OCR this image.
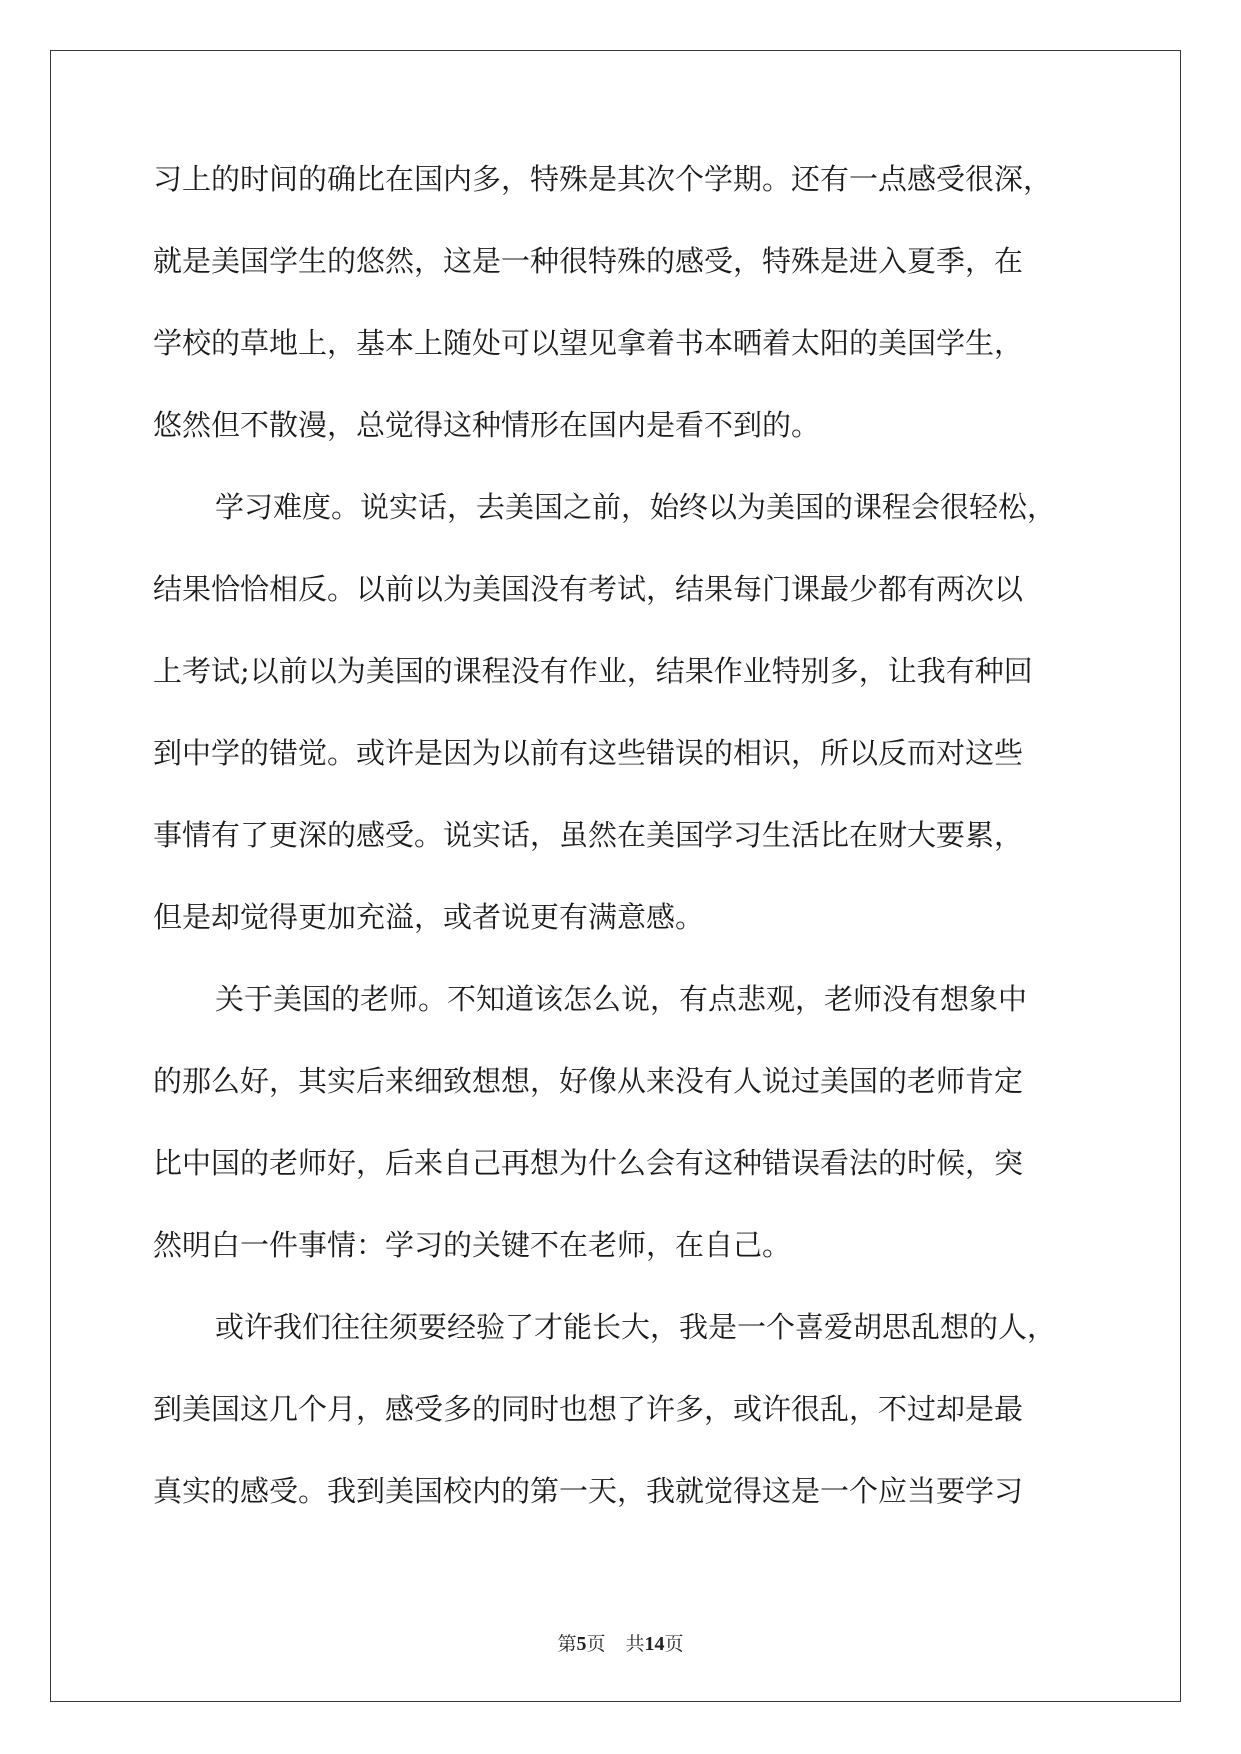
习上的时间的确比在国内多，特殊是其次个学期。还有一点感受很深，
就是美国学生的悠然，这是一种很特殊的感受，特殊是进入夏季，在
学校的草地上，基本上随处可以望见拿着书本晒着太阳的美国学生，
悠然但不散漫，总觉得这种情形在国内是看不到的。
学习难度。说实话，去美国之前，始终以为美国的课程会很轻松，
结果恰恰相反。以前以为美国没有考试，结果每门课最少都有两次以
上考试;以前以为美国的课程没有作业，结果作业特别多，让我有种回
到中学的错觉。或许是因为以前有这些错误的相识，所以反而对这些
事情有了更深的感受。说实话，虽然在美国学习生活比在财大要累，
但是却觉得更加充溢，或者说更有满意感。
关于美国的老师。不知道该怎么说，有点悲观，老师没有想象中
的那么好，其实后来细致想想，好像从来没有人说过美国的老师肯定
比中国的老师好，后来自己再想为什么会有这种错误看法的时候，突
然明白一件事情：学习的关键不在老师，在自己。
或许我们往往须要经验了才能长大，我是一个喜爱胡思乱想的人，
到美国这几个月，感受多的同时也想了许多，或许很乱，不过却是最
真实的感受。我到美国校内的第一天，我就觉得这是一个应当要学习
第5页 共14页
